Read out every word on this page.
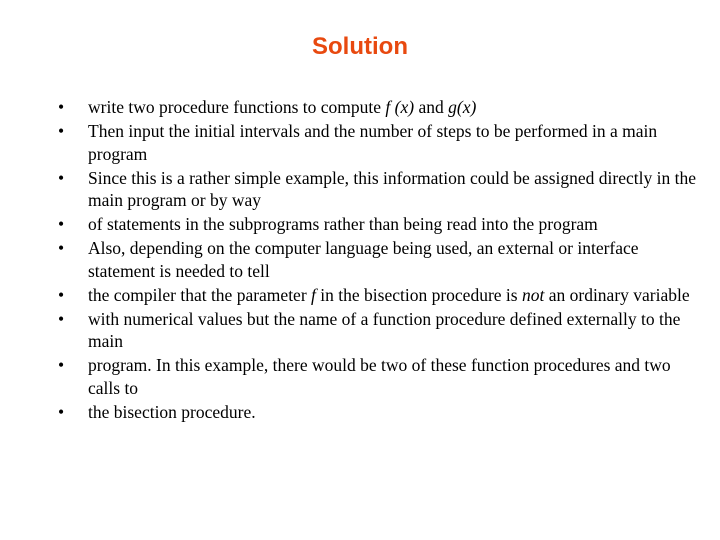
Solution
•	write two procedure functions to compute f (x) and g(x)
•	Then input the initial intervals and the number of steps to be performed in a main program
•	Since this is a rather simple example, this information could be assigned directly in the main program or by way
•	of statements in the subprograms rather than being read into the program
•	Also, depending on the computer language being used, an external or interface statement is needed to tell
•	the compiler that the parameter f in the bisection procedure is not an ordinary variable
•	with numerical values but the name of a function procedure defined externally to the main
•	program. In this example, there would be two of these function procedures and two calls to
•	the bisection procedure.
